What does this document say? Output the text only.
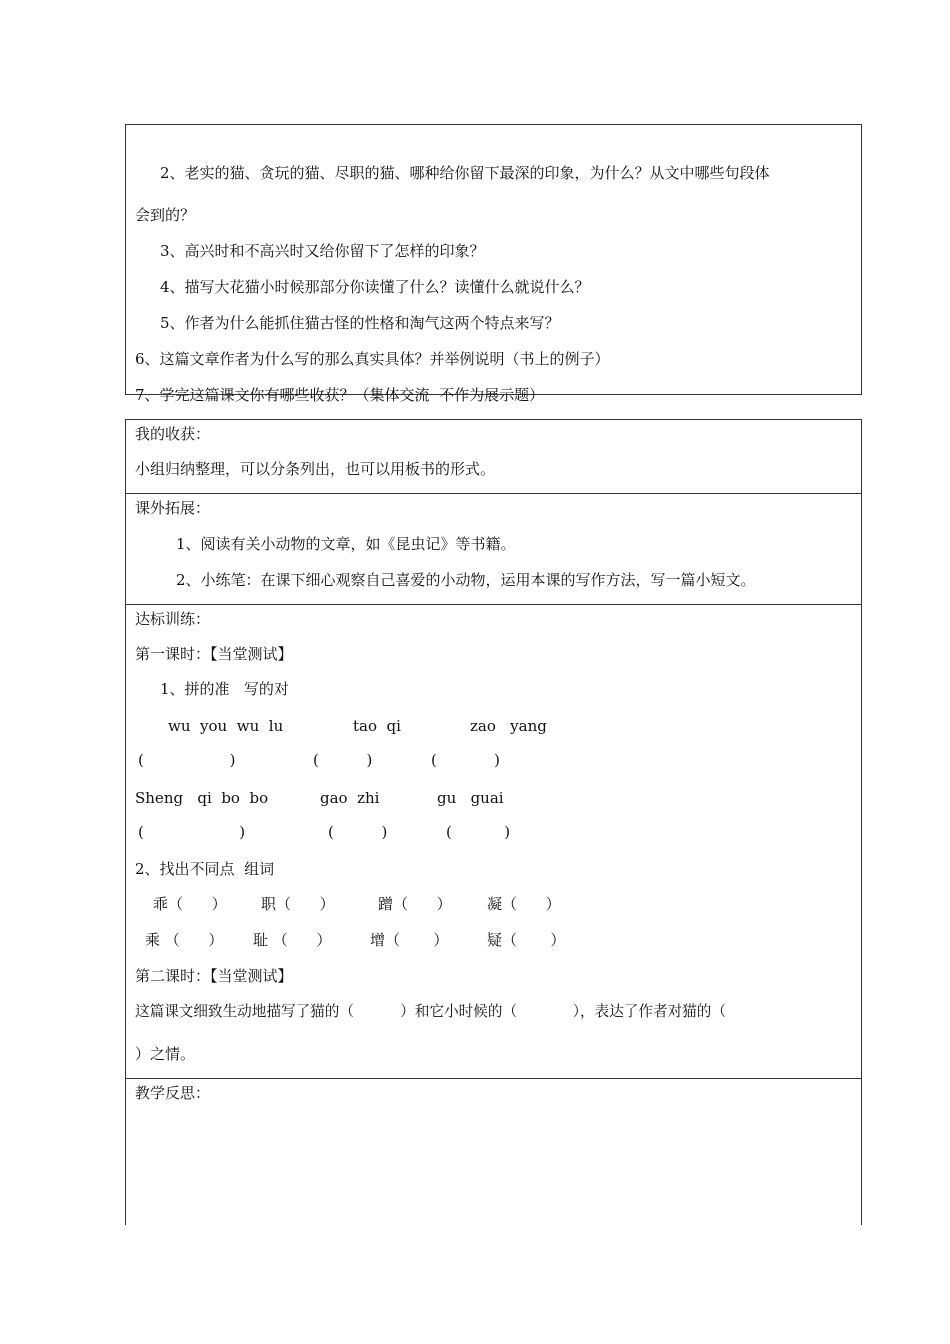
2、老实的猫、贪玩的猫、尽职的猫、哪种给你留下最深的印象，为什么？从文中哪些句段体
会到的？
3、高兴时和不高兴时又给你留下了怎样的印象？
4、描写大花猫小时候那部分你读懂了什么？读懂什么就说什么？
5、作者为什么能抓住猫古怪的性格和淘气这两个特点来写？
6、这篇文章作者为什么写的那么真实具体？并举例说明（书上的例子）
7、学完这篇课文你有哪些收获？（集体交流  不作为展示题）
我的收获：
小组归纳整理，可以分条列出，也可以用板书的形式。
课外拓展：
1、阅读有关小动物的文章，如《昆虫记》等书籍。
2、小练笔：在课下细心观察自己喜爱的小动物，运用本课的写作方法，写一篇小短文。
达标训练：
第一课时：【当堂测试】
1、拼的准   写的对
wu  you  wu  lu	tao  qi	zao   yang
(                  )	(          )	(            )
Sheng   qi  bo  bo	gao  zhi	gu   guai
(                    )	(          )	(           )
2、找出不同点  组词
乖（      ） 职（      ）	蹭（      ） 凝（      ）
乘 （      ） 耻 （      ）	增（       ）	疑（       ）
第二课时：【当堂测试】
这篇课文细致生动地描写了猫的（          ）和它小时候的（            ），表达了作者对猫的（
）之情。
教学反思：
